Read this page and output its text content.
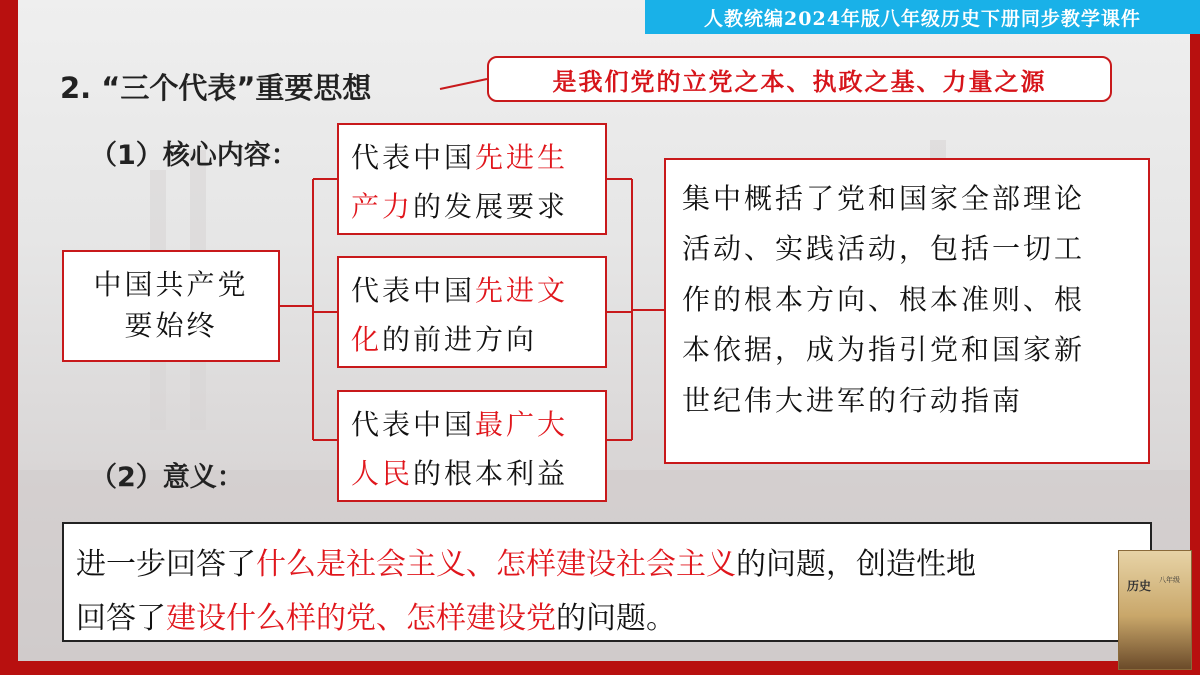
人教统编2024年版八年级历史下册同步教学课件
2. “三个代表”重要思想	是我们党的立党之本、执政之基、力量之源
（1）核心内容：
（2）意义：
中国共产党
要始终
代表中国先进生
产力的发展要求
代表中国先进文
化的前进方向
代表中国最广大
人民的根本利益
集中概括了党和国家全部理论
活动、实践活动，包括一切工
作的根本方向、根本准则、根
本依据，成为指引党和国家新
世纪伟大进军的行动指南
进一步回答了什么是社会主义、怎样建设社会主义的问题，创造性地
回答了建设什么样的党、怎样建设党的问题。
历史 八年级
